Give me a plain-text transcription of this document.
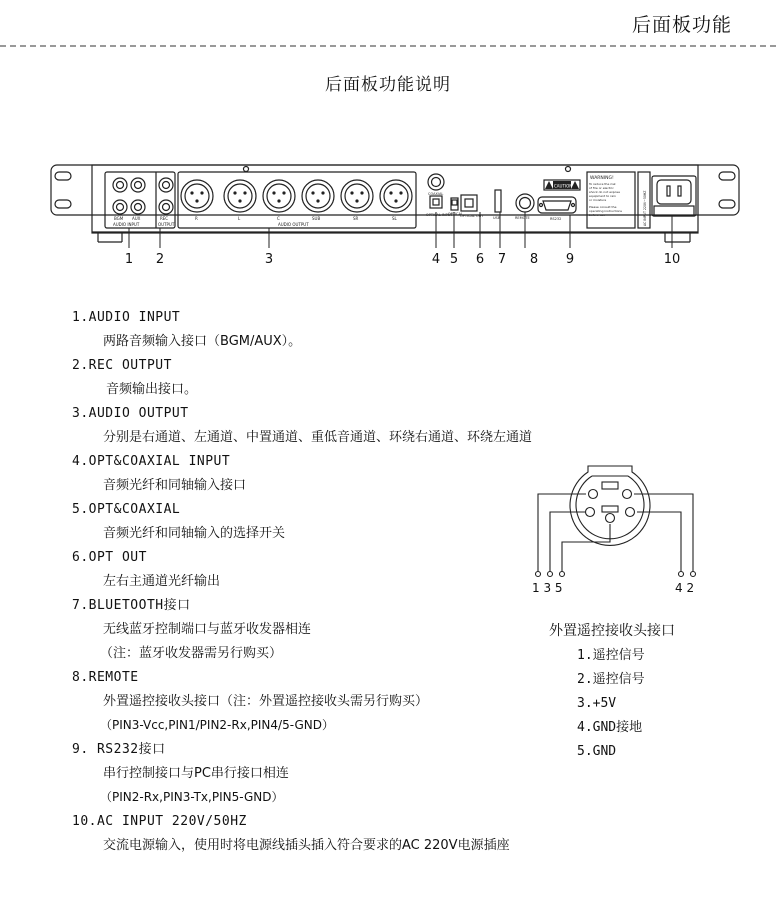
后面板功能
后面板功能说明
BGM AUX
AUDIO INPUT
REC
OUTPUT
R	L	C	SUB	SR	SL
AUDIO OUTPUT
COAXIAL
OPTICAL INPUT
OPTICAL
OPTICAL OUT	USB	REMOTE	RS232
CAUTION
WARNING!
To reduce the risk
of fire or electric
shock do not expose
equipment to rain
or moisture
Please consult the
operating instructions
before use	AC INPUT 220V~50HZ
1 2	3	4 5 6 7 8 9	10
1.AUDIO INPUT
两路音频输入接口（BGM/AUX）。
2.REC OUTPUT
音频输出接口。
3.AUDIO OUTPUT
分别是右通道、左通道、中置通道、重低音通道、环绕右通道、环绕左通道
4.OPT&COAXIAL INPUT
音频光纤和同轴输入接口
5.OPT&COAXIAL
音频光纤和同轴输入的选择开关
6.OPT OUT
左右主通道光纤输出
7.BLUETOOTH接口
无线蓝牙控制端口与蓝牙收发器相连
（注：蓝牙收发器需另行购买）
8.REMOTE
外置遥控接收头接口（注：外置遥控接收头需另行购买）
（PIN3-Vcc,PIN1/PIN2-Rx,PIN4/5-GND）
9. RS232接口
串行控制接口与PC串行接口相连
（PIN2-Rx,PIN3-Tx,PIN5-GND）
10.AC INPUT 220V/50HZ
交流电源输入，使用时将电源线插头插入符合要求的AC 220V电源插座
1 3 5	4 2
外置遥控接收头接口
1.遥控信号
2.遥控信号
3.+5V
4.GND接地
5.GND
